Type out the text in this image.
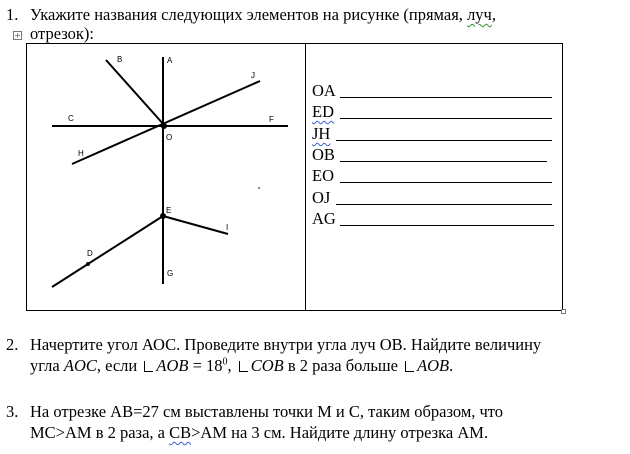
1. Укажите названия следующих элементов на рисунке (прямая, луч,
отрезок):
+
B	A
J
C	F
O
H
E
I
D
G
OA
ED
JH
OB
EO
OJ
AG
2. Начертите угол АОС. Проведите внутри угла луч ОВ. Найдите величину
угла AOC, если AOB = $18^0$, COB в 2 раза больше AOB.
3. На отрезке АВ=27 см выставлены точки М и С, таким образом, что
МС>АМ в 2 раза, а СВ>АМ на 3 см. Найдите длину отрезка АМ.
